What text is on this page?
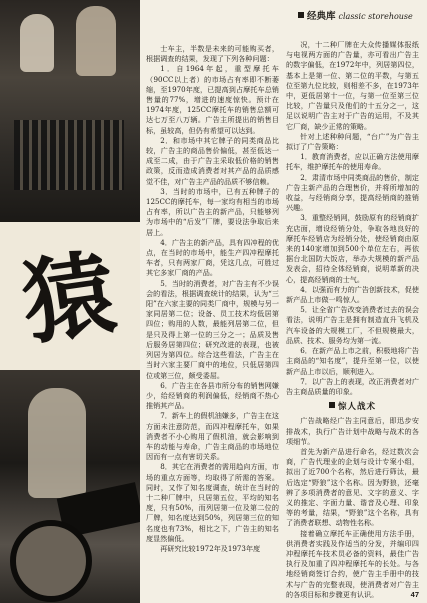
猿
经典库 classic storehouse

士车主，半数是未来的可能购买者，根据调查的结果，发现了下列各种问题：

1．自1964年起，重型摩托车（90CC以上者）的市场占有率即不断萎缩，至1970年度，已提高到占摩托车总销售量的77%，增进的速度惊快。预计在1974年度，125CC摩托车的销售总额可达七万至八万辆。广告主所提出的销售目标，虽较高，但仍有希望可以达到。

2．和市场中其它牌子的同类商品比较，广告主的商品售价偏低，甚至低达一成至二成，由于广告主采取低价格的销售政策，反而造成消费者对其产品的品质感觉不佳，对广告主产品的品质不够信赖。

3．当时的市场中，已有五种牌子的125CC的摩托车，每一家均有相当的市场占有率，所以广告主的新产品，只能够列为市场中的“后发”厂牌，要设法争取后来居上。

4．广告主的新产品，具有四冲程的优点，在当时的市场中，能生产四冲程摩托车者，只有两家厂商，凭这几点，可胜过其它多家厂商的产品。

5．当时的消费者，对广告主有不少误会的看法，根据调查统计的结果，认为“三阳”在六家主要的同类厂商中，规模与另一家同居第二位；设备、员工技术均低居第四位；购用的人数，最能列居第二位，但是只及得上第一位的三分之一；品质及售后服务居第四位；研究改进的表现，也被列居为第四位。综合这些看法，广告主在当时六家主要厂商中的地位，只低居第四位或第三位，颇受委屈。

6．广告主在各县市所分布的销售网嫌少，给经销商的利润偏低，经销商不热心推销其产品。

7．新车上的假机油嫌多，广告主在这方面未注意防范，而四冲程摩托车，如果消费者不小心购用了假机油，就会影响到车的动能与寿命，广告主商品的市场地位因而有一点有害切关系。

8．其它在消费者的需用趋向方面，市场的重点方面等，均取得了所需的答案。同时，又作了知名度调查，统计在当时的十二种厂牌中，只居第五位，平均的知名度，只有50%，而列居第一位及第二位的厂牌，知名度达到50%，列居第三位的知名度也有73%，相比之下，广告主的知名度显然偏低。

再研究比较1972年及1973年度

况，十二种厂牌在大众传播媒体报纸与电视两方面的广告量，亦可看出广告主的数字偏低，在1972年中，列居第四位，基本上是第一位、第二位的平数，与第五位至第九位比较，则相差不多，在1973年中，更低居第十一位，与第一位至第三位比较，广告量只及他们的十五分之一，这足以说明广告主对于广告的运用，不及其它厂商，缺少正常的策略。

针对上述种种问题，“台广”为广告主拟订了广告策略：

1．教育消费者，应以正确方法使用摩托车，维护摩托车的使用寿命。

2．肃清市场中同类商品的售价，制定广告主新产品的合理售价，并将所增加的收益，与经销商分享，提高经销商的推销兴趣。

3．重整经销网，鼓励原有的经销商扩充店面，增设经销分处，争取各地良好的摩托车经销店为经销分处，使经销商由原来的140家增加到500个单位左右，再依据台北国防大饭店，举办大规模的新产品发表会，招待全体经销商，说明革新的决心，提高经销商的士气。

4．以强而有力的广告创新技术，促使新产品上市做一鸣惊人。

5．让全省广告改变消费者过去的误会看法，说明广告主是拥有制造直升飞机及汽车设备的大规模工厂，不但规模最大，品质、技术、服务均为第一流。

6．在新产品上市之前，积极地将广告主商品的“知名度”，提升至第一位，以使新产品上市以后，顺利进入。

7．以广告上的表现，改正消费者对广告主商品质量的印象。

惊人战术

广告战略经广告主同意后，即迅步安排战术，执行广告计划中战略与战术的各项细节。

首先为新产品进行命名，经过数次会商，广告代理业的企划与设计专案小组，拟出了近700个名称，然后进行筛汰，最后选定“野狼”这个名称。因为野狼，还毫辨了多项消费者的意见、文字的意义、字义的推定、字面力量、谐音及心理、印象等的考量，结果，“野狼”这个名称，具有了消费者联想、动物性名称。

接着确立摩托车正确使用方法手册，供消费者实践及作适当的分发，并编印四冲程摩托车技术员必备的资料，最佳广告执行及加重了四冲程摩托车的长处。与各地经销商签订合约，使广告主手册中的技术与广告的完整表现，使消费者对广告主的各项目标和步骤更有认识。	47
